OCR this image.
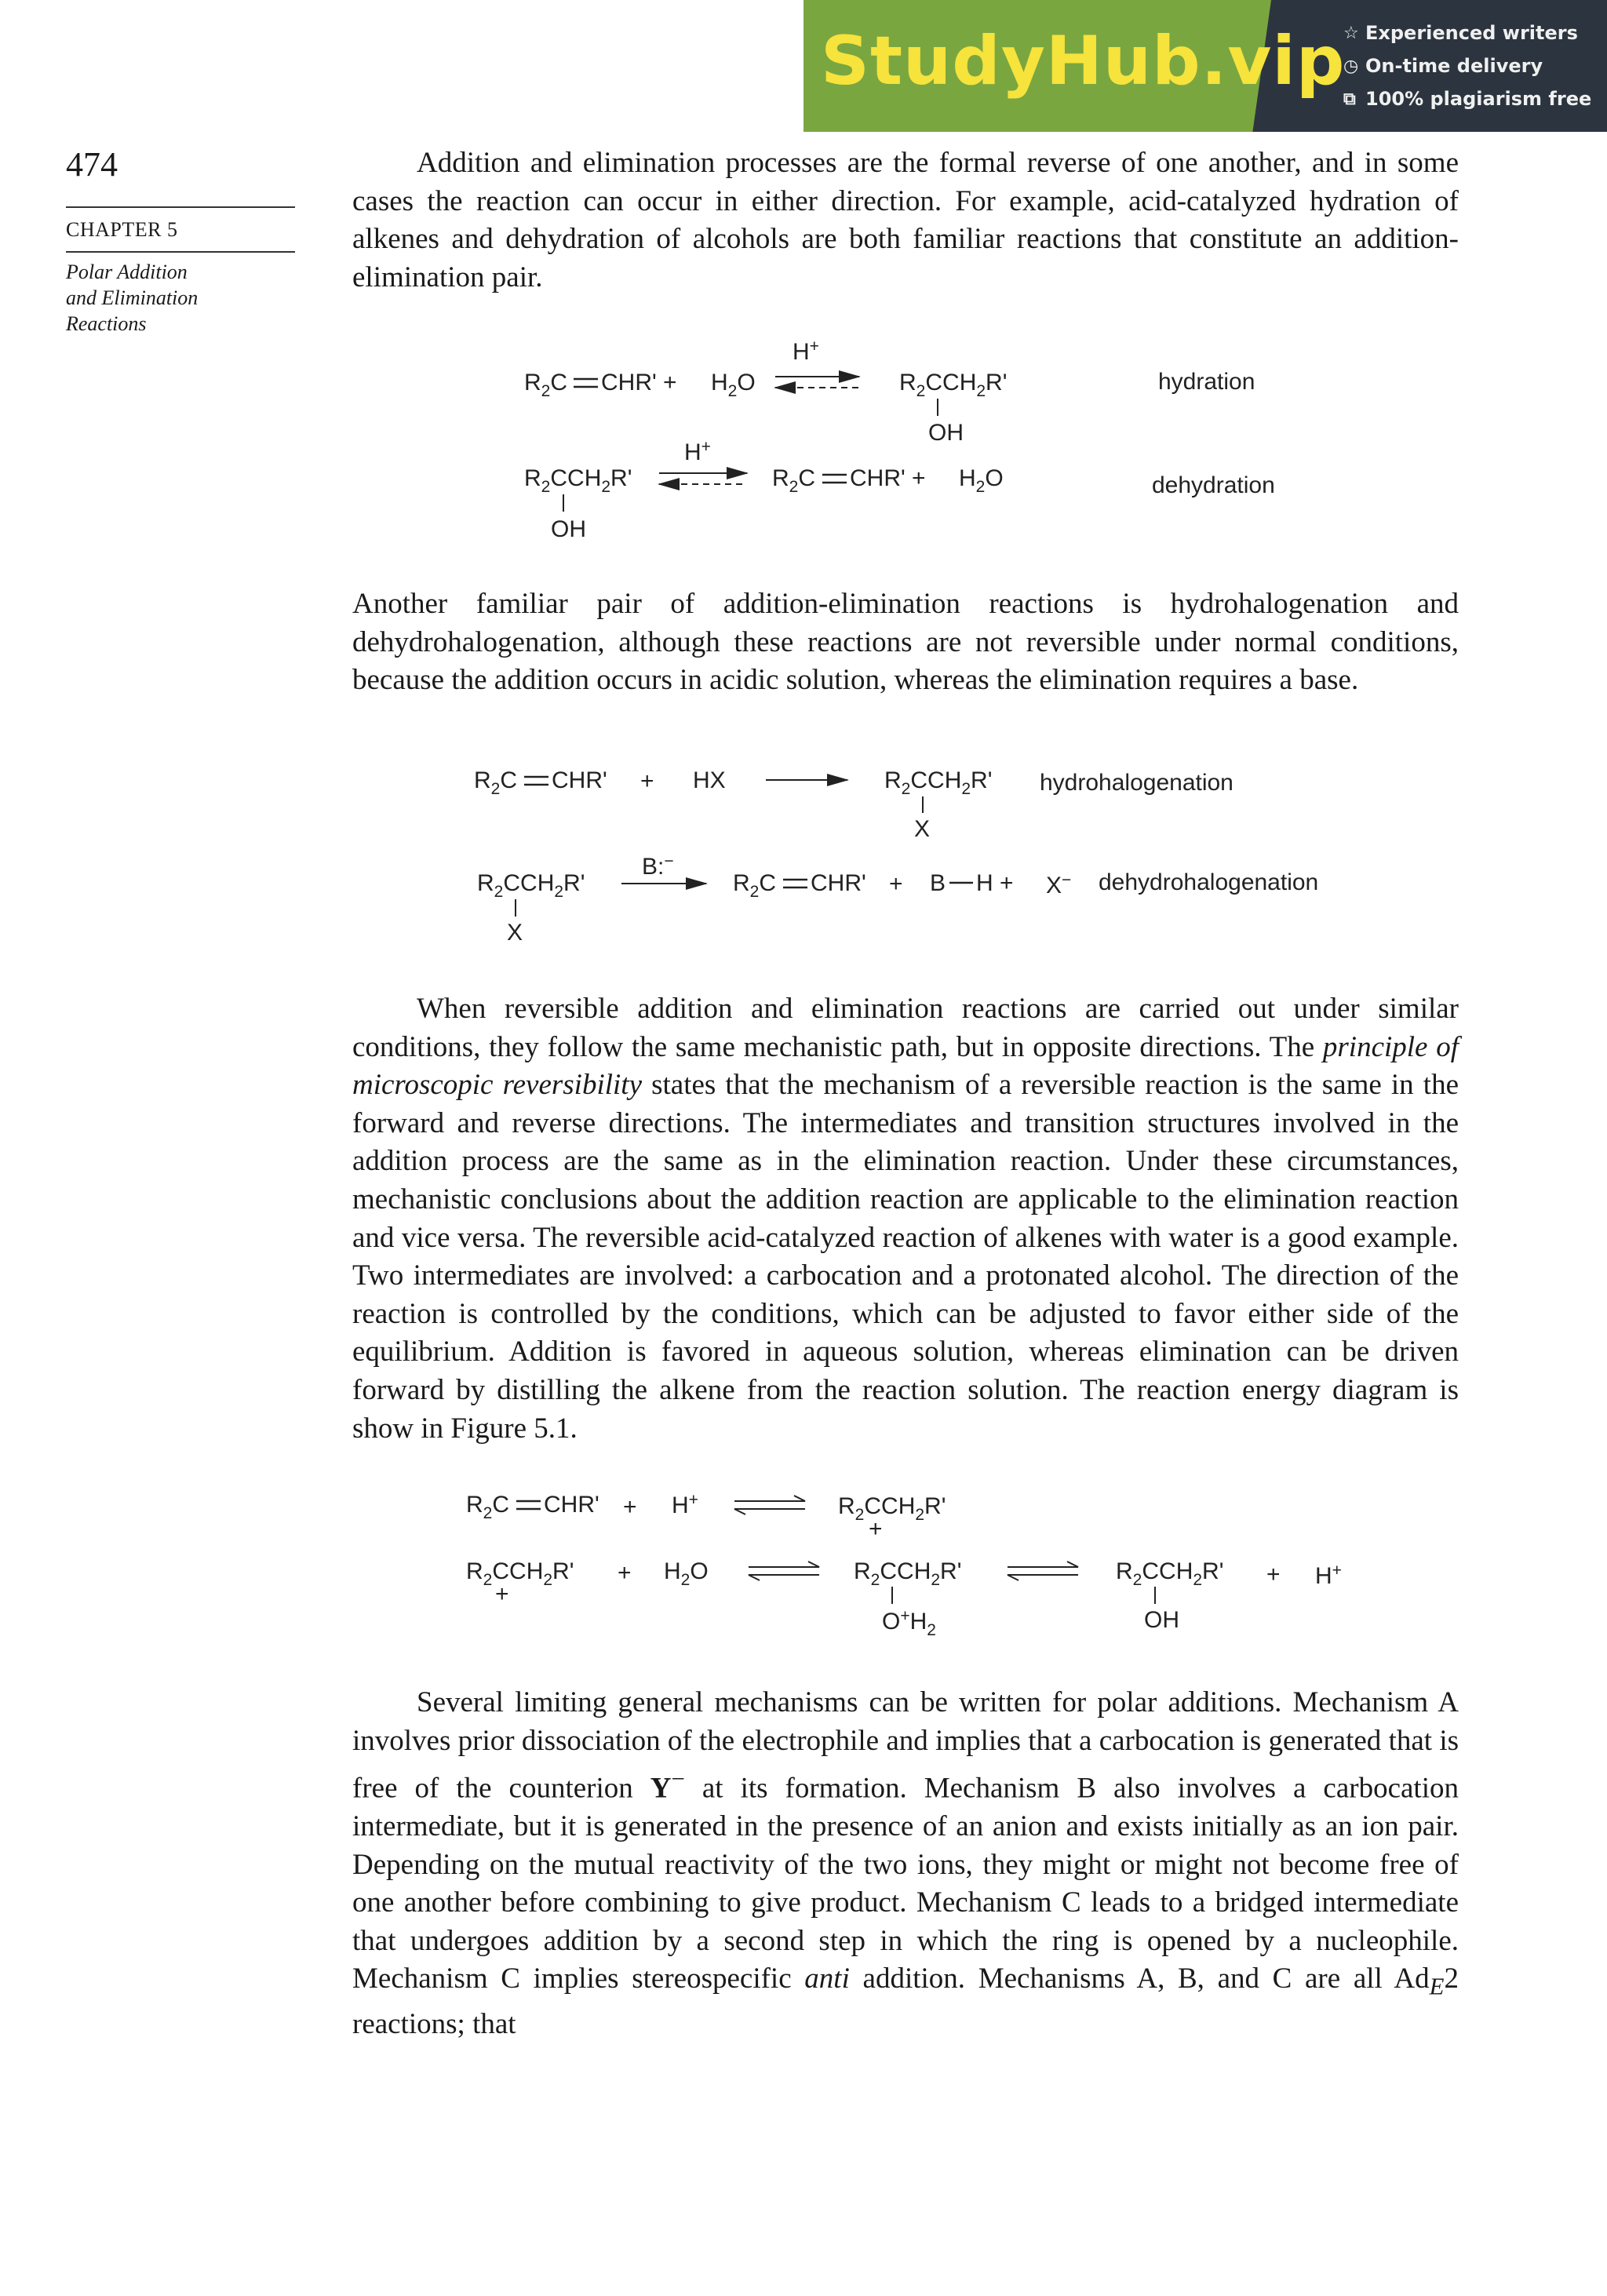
StudyHub.vip
☆ Experienced writers
◷ On-time delivery
⧉ 100% plagiarism free
474
CHAPTER 5
Polar Addition
and Elimination
Reactions
Addition and elimination processes are the formal reverse of one another, and in some cases the reaction can occur in either direction. For example, acid-catalyzed hydration of alkenes and dehydration of alcohols are both familiar reactions that constitute an addition-elimination pair.
Another familiar pair of addition-elimination reactions is hydrohalogenation and dehydrohalogenation, although these reactions are not reversible under normal conditions, because the addition occurs in acidic solution, whereas the elimination requires a base.
When reversible addition and elimination reactions are carried out under similar conditions, they follow the same mechanistic path, but in opposite directions. The principle of microscopic reversibility states that the mechanism of a reversible reaction is the same in the forward and reverse directions. The intermediates and transition structures involved in the addition process are the same as in the elimination reaction. Under these circumstances, mechanistic conclusions about the addition reaction are applicable to the elimination reaction and vice versa. The reversible acid-catalyzed reaction of alkenes with water is a good example. Two intermediates are involved: a carbocation and a protonated alcohol. The direction of the reaction is controlled by the conditions, which can be adjusted to favor either side of the equilibrium. Addition is favored in aqueous solution, whereas elimination can be driven forward by distilling the alkene from the reaction solution. The reaction energy diagram is show in Figure 5.1.
Several limiting general mechanisms can be written for polar additions. Mechanism A involves prior dissociation of the electrophile and implies that a carbocation is generated that is free of the counterion Y− at its formation. Mechanism B also involves a carbocation intermediate, but it is generated in the presence of an anion and exists initially as an ion pair. Depending on the mutual reactivity of the two ions, they might or might not become free of one another before combining to give product. Mechanism C leads to a bridged intermediate that undergoes addition by a second step in which the ring is opened by a nucleophile. Mechanism C implies stereospecific anti addition. Mechanisms A, B, and C are all $Ad_E2$ reactions; that
$R_2C$ $CHR' + H_2O$
H+
$R_2CCH_2R'$
OH
hydration
$R_2CCH_2R'$
OH
H+
$R_2C$ $CHR' + H_2O$	dehydration
$R_2C$ CHR' + HX	$R_2CCH_2R'$
X
hydrohalogenation
$R_2CCH_2R'$
X
B:−
$R_2C$ CHR' + B H + X− dehydrohalogenation
$R_2C$ CHR' + H+	$R_2CCH_2R'$
+
$R_2CCH_2R'$
+
+ $H_2O$	$R_2CCH_2R'$
$O^+H_2$
$R_2CCH_2R'$
OH
+ H+
